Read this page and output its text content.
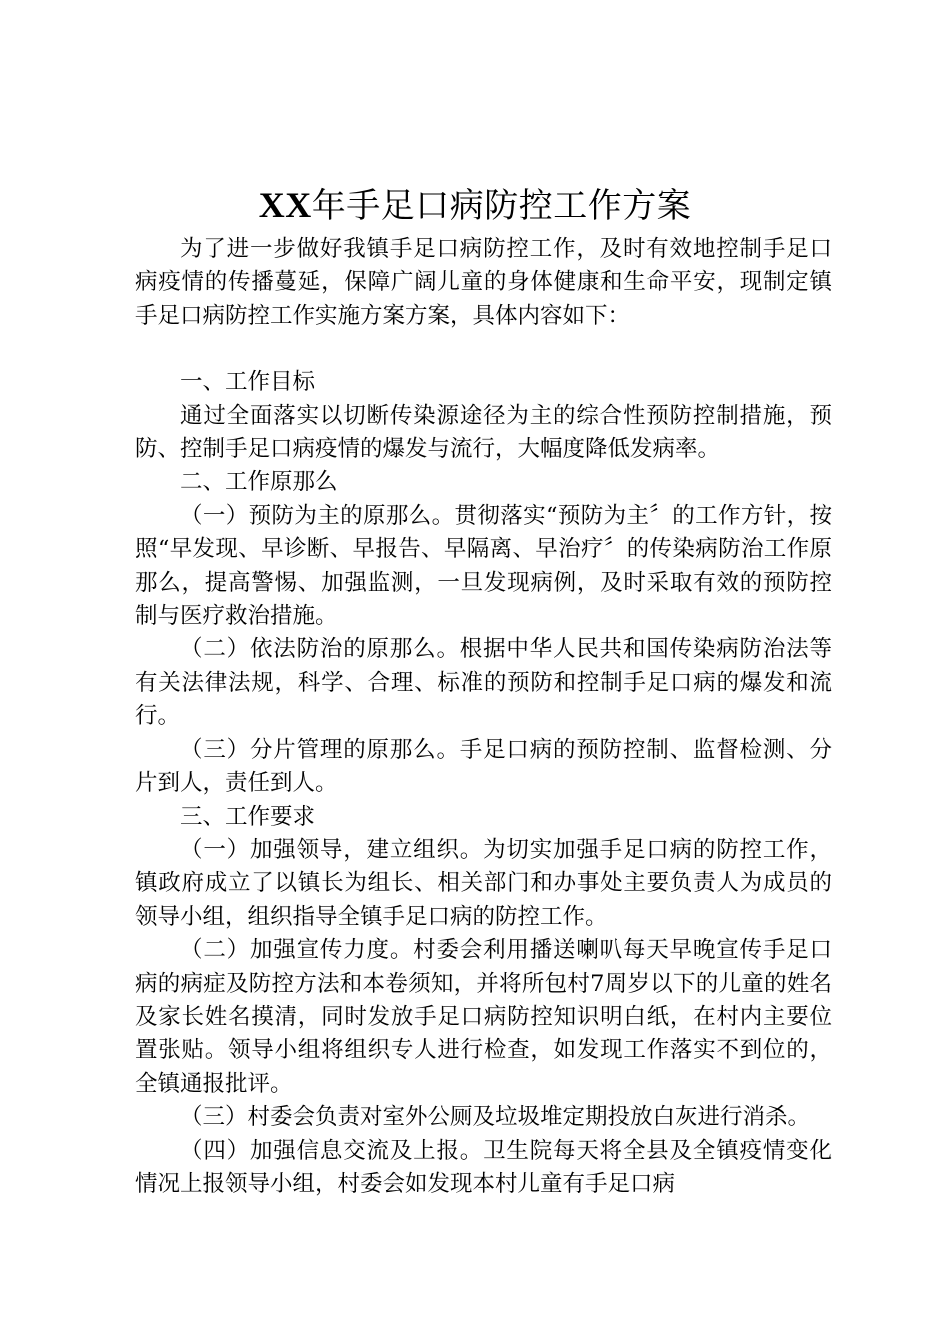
XX年手足口病防控工作方案

为了进一步做好我镇手足口病防控工作，及时有效地控制手足口病疫情的传播蔓延，保障广阔儿童的身体健康和生命平安，现制定镇手足口病防控工作实施方案方案，具体内容如下：

一、工作目标

通过全面落实以切断传染源途径为主的综合性预防控制措施，预防、控制手足口病疫情的爆发与流行，大幅度降低发病率。

二、工作原那么

（一）预防为主的原那么。贯彻落实“预防为主〞的工作方针，按照“早发现、早诊断、早报告、早隔离、早治疗〞的传染病防治工作原那么，提高警惕、加强监测，一旦发现病例，及时采取有效的预防控制与医疗救治措施。

（二）依法防治的原那么。根据中华人民共和国传染病防治法等有关法律法规，科学、合理、标准的预防和控制手足口病的爆发和流行。

（三）分片管理的原那么。手足口病的预防控制、监督检测、分片到人，责任到人。

三、工作要求

（一）加强领导，建立组织。为切实加强手足口病的防控工作，镇政府成立了以镇长为组长、相关部门和办事处主要负责人为成员的领导小组，组织指导全镇手足口病的防控工作。

（二）加强宣传力度。村委会利用播送喇叭每天早晚宣传手足口病的病症及防控方法和本卷须知，并将所包村7周岁以下的儿童的姓名及家长姓名摸清，同时发放手足口病防控知识明白纸，在村内主要位置张贴。领导小组将组织专人进行检查，如发现工作落实不到位的，全镇通报批评。

（三）村委会负责对室外公厕及垃圾堆定期投放白灰进行消杀。

（四）加强信息交流及上报。卫生院每天将全县及全镇疫情变化情况上报领导小组，村委会如发现本村儿童有手足口病
